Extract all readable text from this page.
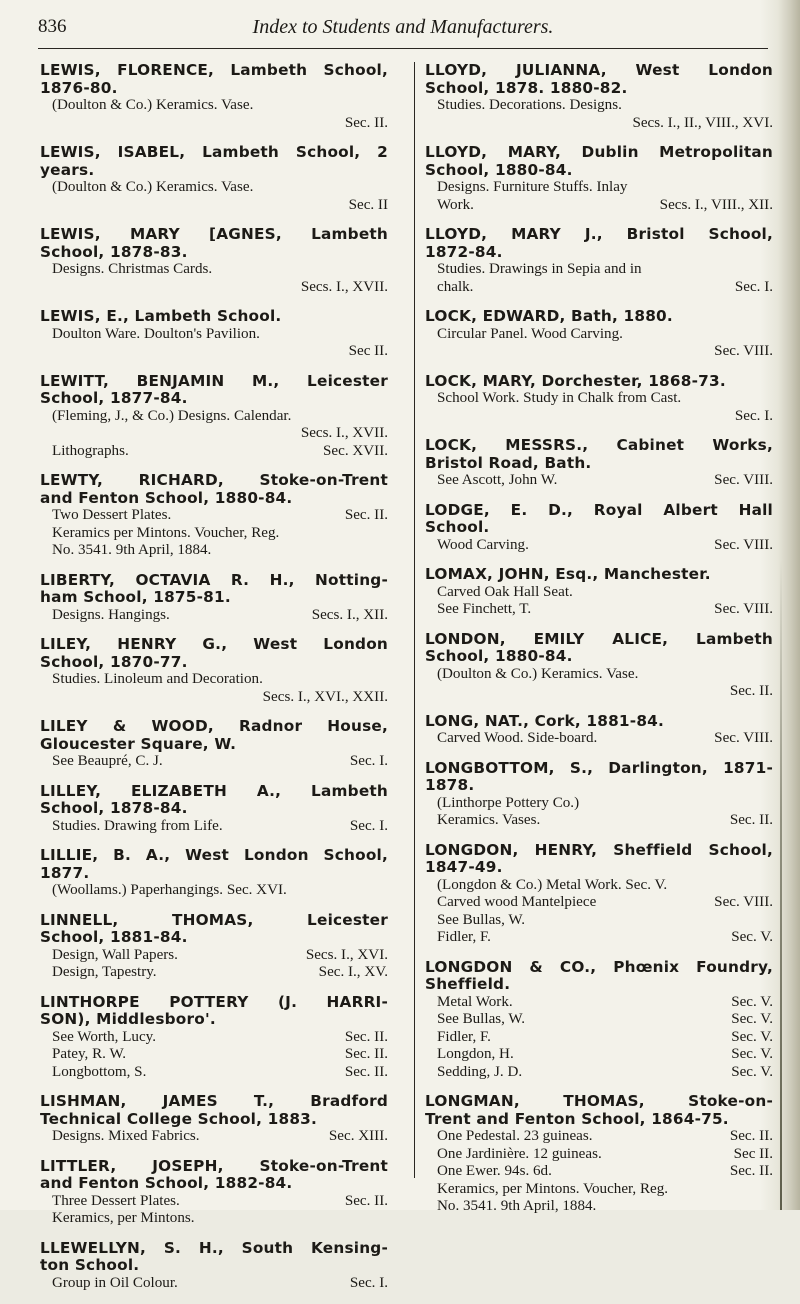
836	Index to Students and Manufacturers.
LEWIS, FLORENCE, Lambeth School,
1876-80.
(Doulton & Co.) Keramics. Vase.
Sec. II.
LEWIS, ISABEL, Lambeth School, 2
years.
(Doulton & Co.) Keramics. Vase.
Sec. II
LEWIS, MARY [AGNES, Lambeth
School, 1878-83.
Designs. Christmas Cards.
Secs. I., XVII.
LEWIS, E., Lambeth School.
Doulton Ware. Doulton's Pavilion.
Sec II.
LEWITT, BENJAMIN M., Leicester
School, 1877-84.
(Fleming, J., & Co.) Designs. Calendar.
Secs. I., XVII.
Lithographs.	Sec. XVII.
LEWTY, RICHARD, Stoke-on-Trent
and Fenton School, 1880-84.
Two Dessert Plates.	Sec. II.
Keramics per Mintons. Voucher, Reg.
No. 3541. 9th April, 1884.
LIBERTY, OCTAVIA R. H., Notting-
ham School, 1875-81.
Designs. Hangings.	Secs. I., XII.
LILEY, HENRY G., West London
School, 1870-77.
Studies. Linoleum and Decoration.
Secs. I., XVI., XXII.
LILEY & WOOD, Radnor House,
Gloucester Square, W.
See Beaupré, C. J.	Sec. I.
LILLEY, ELIZABETH A., Lambeth
School, 1878-84.
Studies. Drawing from Life.	Sec. I.
LILLIE, B. A., West London School,
1877.
(Woollams.) Paperhangings. Sec. XVI.
LINNELL, THOMAS, Leicester
School, 1881-84.
Design, Wall Papers.	Secs. I., XVI.
Design, Tapestry.	Sec. I., XV.
LINTHORPE POTTERY (J. HARRI-
SON), Middlesboro'.
See Worth, Lucy.	Sec. II.
Patey, R. W.	Sec. II.
Longbottom, S.	Sec. II.
LISHMAN, JAMES T., Bradford
Technical College School, 1883.
Designs. Mixed Fabrics.	Sec. XIII.
LITTLER, JOSEPH, Stoke-on-Trent
and Fenton School, 1882-84.
Three Dessert Plates.	Sec. II.
Keramics, per Mintons.
LLEWELLYN, S. H., South Kensing-
ton School.
Group in Oil Colour.	Sec. I.
LLOYD, JULIANNA, West London
School, 1878. 1880-82.
Studies. Decorations. Designs.
Secs. I., II., VIII., XVI.
LLOYD, MARY, Dublin Metropolitan
School, 1880-84.
Designs. Furniture Stuffs. Inlay
Work.	Secs. I., VIII., XII.
LLOYD, MARY J., Bristol School,
1872-84.
Studies. Drawings in Sepia and in
chalk.	Sec. I.
LOCK, EDWARD, Bath, 1880.
Circular Panel. Wood Carving.
Sec. VIII.
LOCK, MARY, Dorchester, 1868-73.
School Work. Study in Chalk from Cast.
Sec. I.
LOCK, MESSRS., Cabinet Works,
Bristol Road, Bath.
See Ascott, John W.	Sec. VIII.
LODGE, E. D., Royal Albert Hall
School.
Wood Carving.	Sec. VIII.
LOMAX, JOHN, Esq., Manchester.
Carved Oak Hall Seat.
See Finchett, T.	Sec. VIII.
LONDON, EMILY ALICE, Lambeth
School, 1880-84.
(Doulton & Co.) Keramics. Vase.
Sec. II.
LONG, NAT., Cork, 1881-84.
Carved Wood. Side-board.	Sec. VIII.
LONGBOTTOM, S., Darlington, 1871-
1878.
(Linthorpe Pottery Co.)
Keramics. Vases.	Sec. II.
LONGDON, HENRY, Sheffield School,
1847-49.
(Longdon & Co.) Metal Work. Sec. V.
Carved wood Mantelpiece	Sec. VIII.
See Bullas, W.
Fidler, F.	Sec. V.
LONGDON & CO., Phœnix Foundry,
Sheffield.
Metal Work.	Sec. V.
See Bullas, W.	Sec. V.
Fidler, F.	Sec. V.
Longdon, H.	Sec. V.
Sedding, J. D.	Sec. V.
LONGMAN, THOMAS, Stoke-on-
Trent and Fenton School, 1864-75.
One Pedestal. 23 guineas.	Sec. II.
One Jardinière. 12 guineas.	Sec II.
One Ewer. 94s. 6d.	Sec. II.
Keramics, per Mintons. Voucher, Reg.
No. 3541. 9th April, 1884.
